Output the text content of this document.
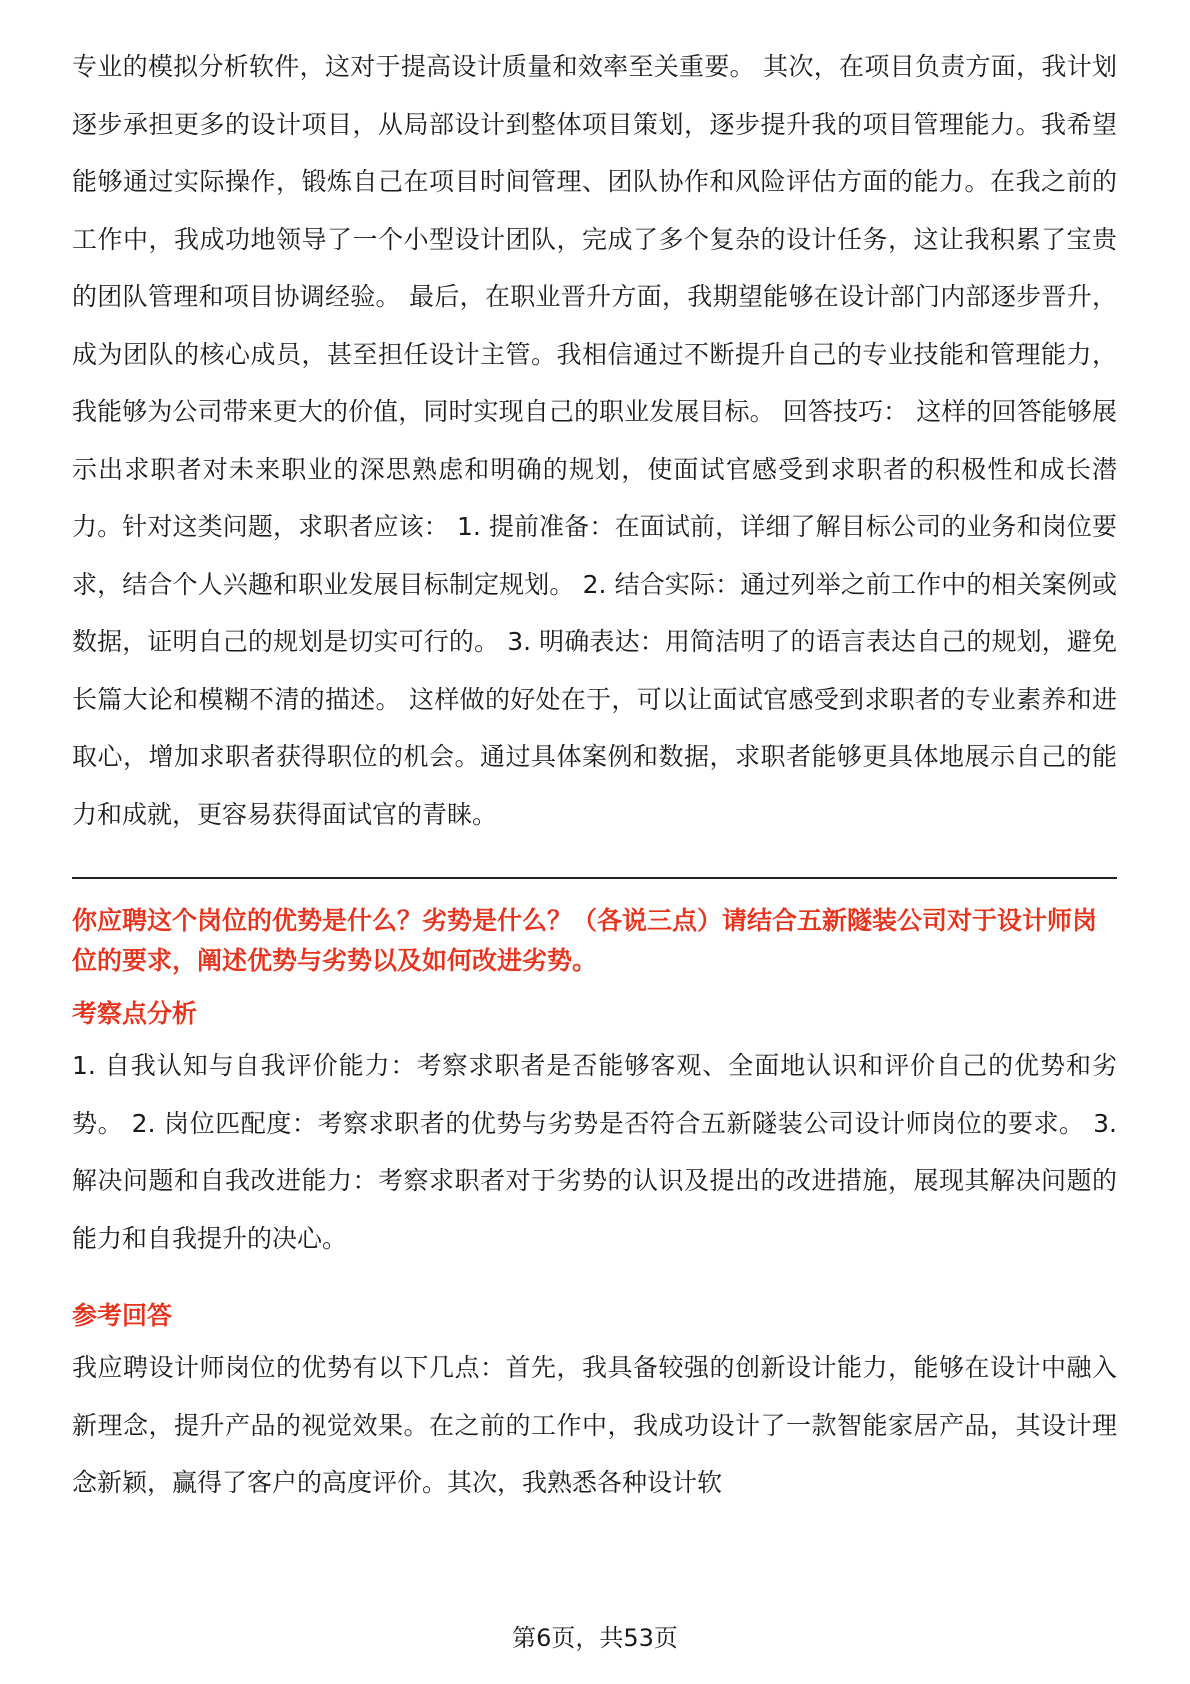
专业的模拟分析软件，这对于提高设计质量和效率至关重要。 其次，在项目负责方面，我计划逐步承担更多的设计项目，从局部设计到整体项目策划，逐步提升我的项目管理能力。我希望能够通过实际操作，锻炼自己在项目时间管理、团队协作和风险评估方面的能力。在我之前的工作中，我成功地领导了一个小型设计团队，完成了多个复杂的设计任务，这让我积累了宝贵的团队管理和项目协调经验。 最后，在职业晋升方面，我期望能够在设计部门内部逐步晋升，成为团队的核心成员，甚至担任设计主管。我相信通过不断提升自己的专业技能和管理能力，我能够为公司带来更大的价值，同时实现自己的职业发展目标。 回答技巧： 这样的回答能够展示出求职者对未来职业的深思熟虑和明确的规划，使面试官感受到求职者的积极性和成长潜力。针对这类问题，求职者应该： 1. 提前准备：在面试前，详细了解目标公司的业务和岗位要求，结合个人兴趣和职业发展目标制定规划。 2. 结合实际：通过列举之前工作中的相关案例或数据，证明自己的规划是切实可行的。 3. 明确表达：用简洁明了的语言表达自己的规划，避免长篇大论和模糊不清的描述。 这样做的好处在于，可以让面试官感受到求职者的专业素养和进取心，增加求职者获得职位的机会。通过具体案例和数据，求职者能够更具体地展示自己的能力和成就，更容易获得面试官的青睐。

你应聘这个岗位的优势是什么？劣势是什么？（各说三点）请结合五新隧装公司对于设计师岗位的要求，阐述优势与劣势以及如何改进劣势。

考察点分析

1. 自我认知与自我评价能力：考察求职者是否能够客观、全面地认识和评价自己的优势和劣势。 2. 岗位匹配度：考察求职者的优势与劣势是否符合五新隧装公司设计师岗位的要求。 3. 解决问题和自我改进能力：考察求职者对于劣势的认识及提出的改进措施，展现其解决问题的能力和自我提升的决心。

参考回答

我应聘设计师岗位的优势有以下几点：首先，我具备较强的创新设计能力，能够在设计中融入新理念，提升产品的视觉效果。在之前的工作中，我成功设计了一款智能家居产品，其设计理念新颖，赢得了客户的高度评价。其次，我熟悉各种设计软

第6页，共53页
